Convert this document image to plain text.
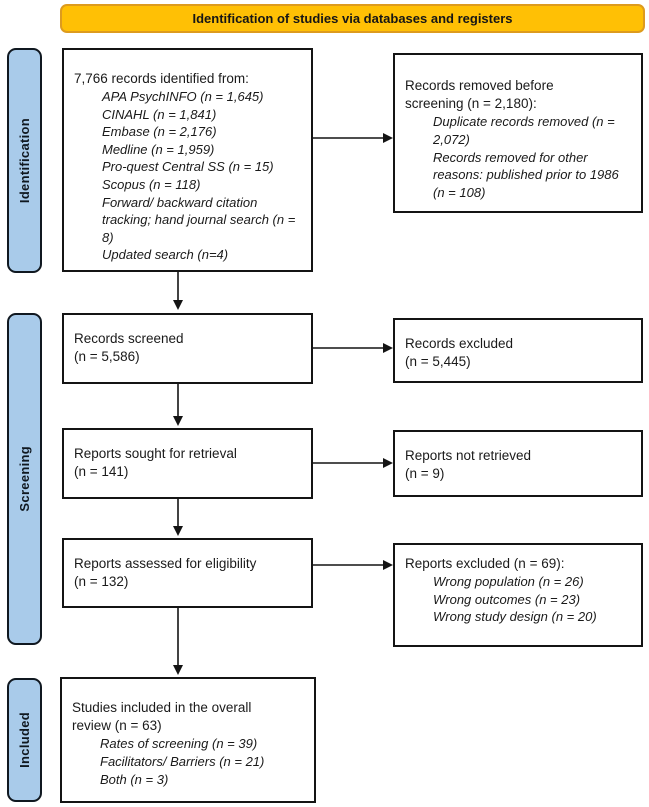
Identification of studies via databases and registers
Identification
Screening
Included
7,766 records identified from:
APA PsychINFO (n = 1,645)
CINAHL (n = 1,841)
Embase (n = 2,176)
Medline (n = 1,959)
Pro-quest Central SS (n = 15)
Scopus (n = 118)
Forward/ backward citation tracking; hand journal search (n = 8)
Updated search (n=4)
Records screened
(n = 5,586)
Reports sought for retrieval
(n = 141)
Reports assessed for eligibility
(n = 132)
Studies included in the overall review (n = 63)
Rates of screening (n = 39)
Facilitators/ Barriers (n = 21)
Both (n = 3)
Records removed before screening (n = 2,180):
Duplicate records removed (n = 2,072)
Records removed for other reasons: published prior to 1986 (n = 108)
Records excluded
(n = 5,445)
Reports not retrieved
(n = 9)
Reports excluded (n = 69):
Wrong population (n = 26)
Wrong outcomes (n = 23)
Wrong study design (n = 20)
